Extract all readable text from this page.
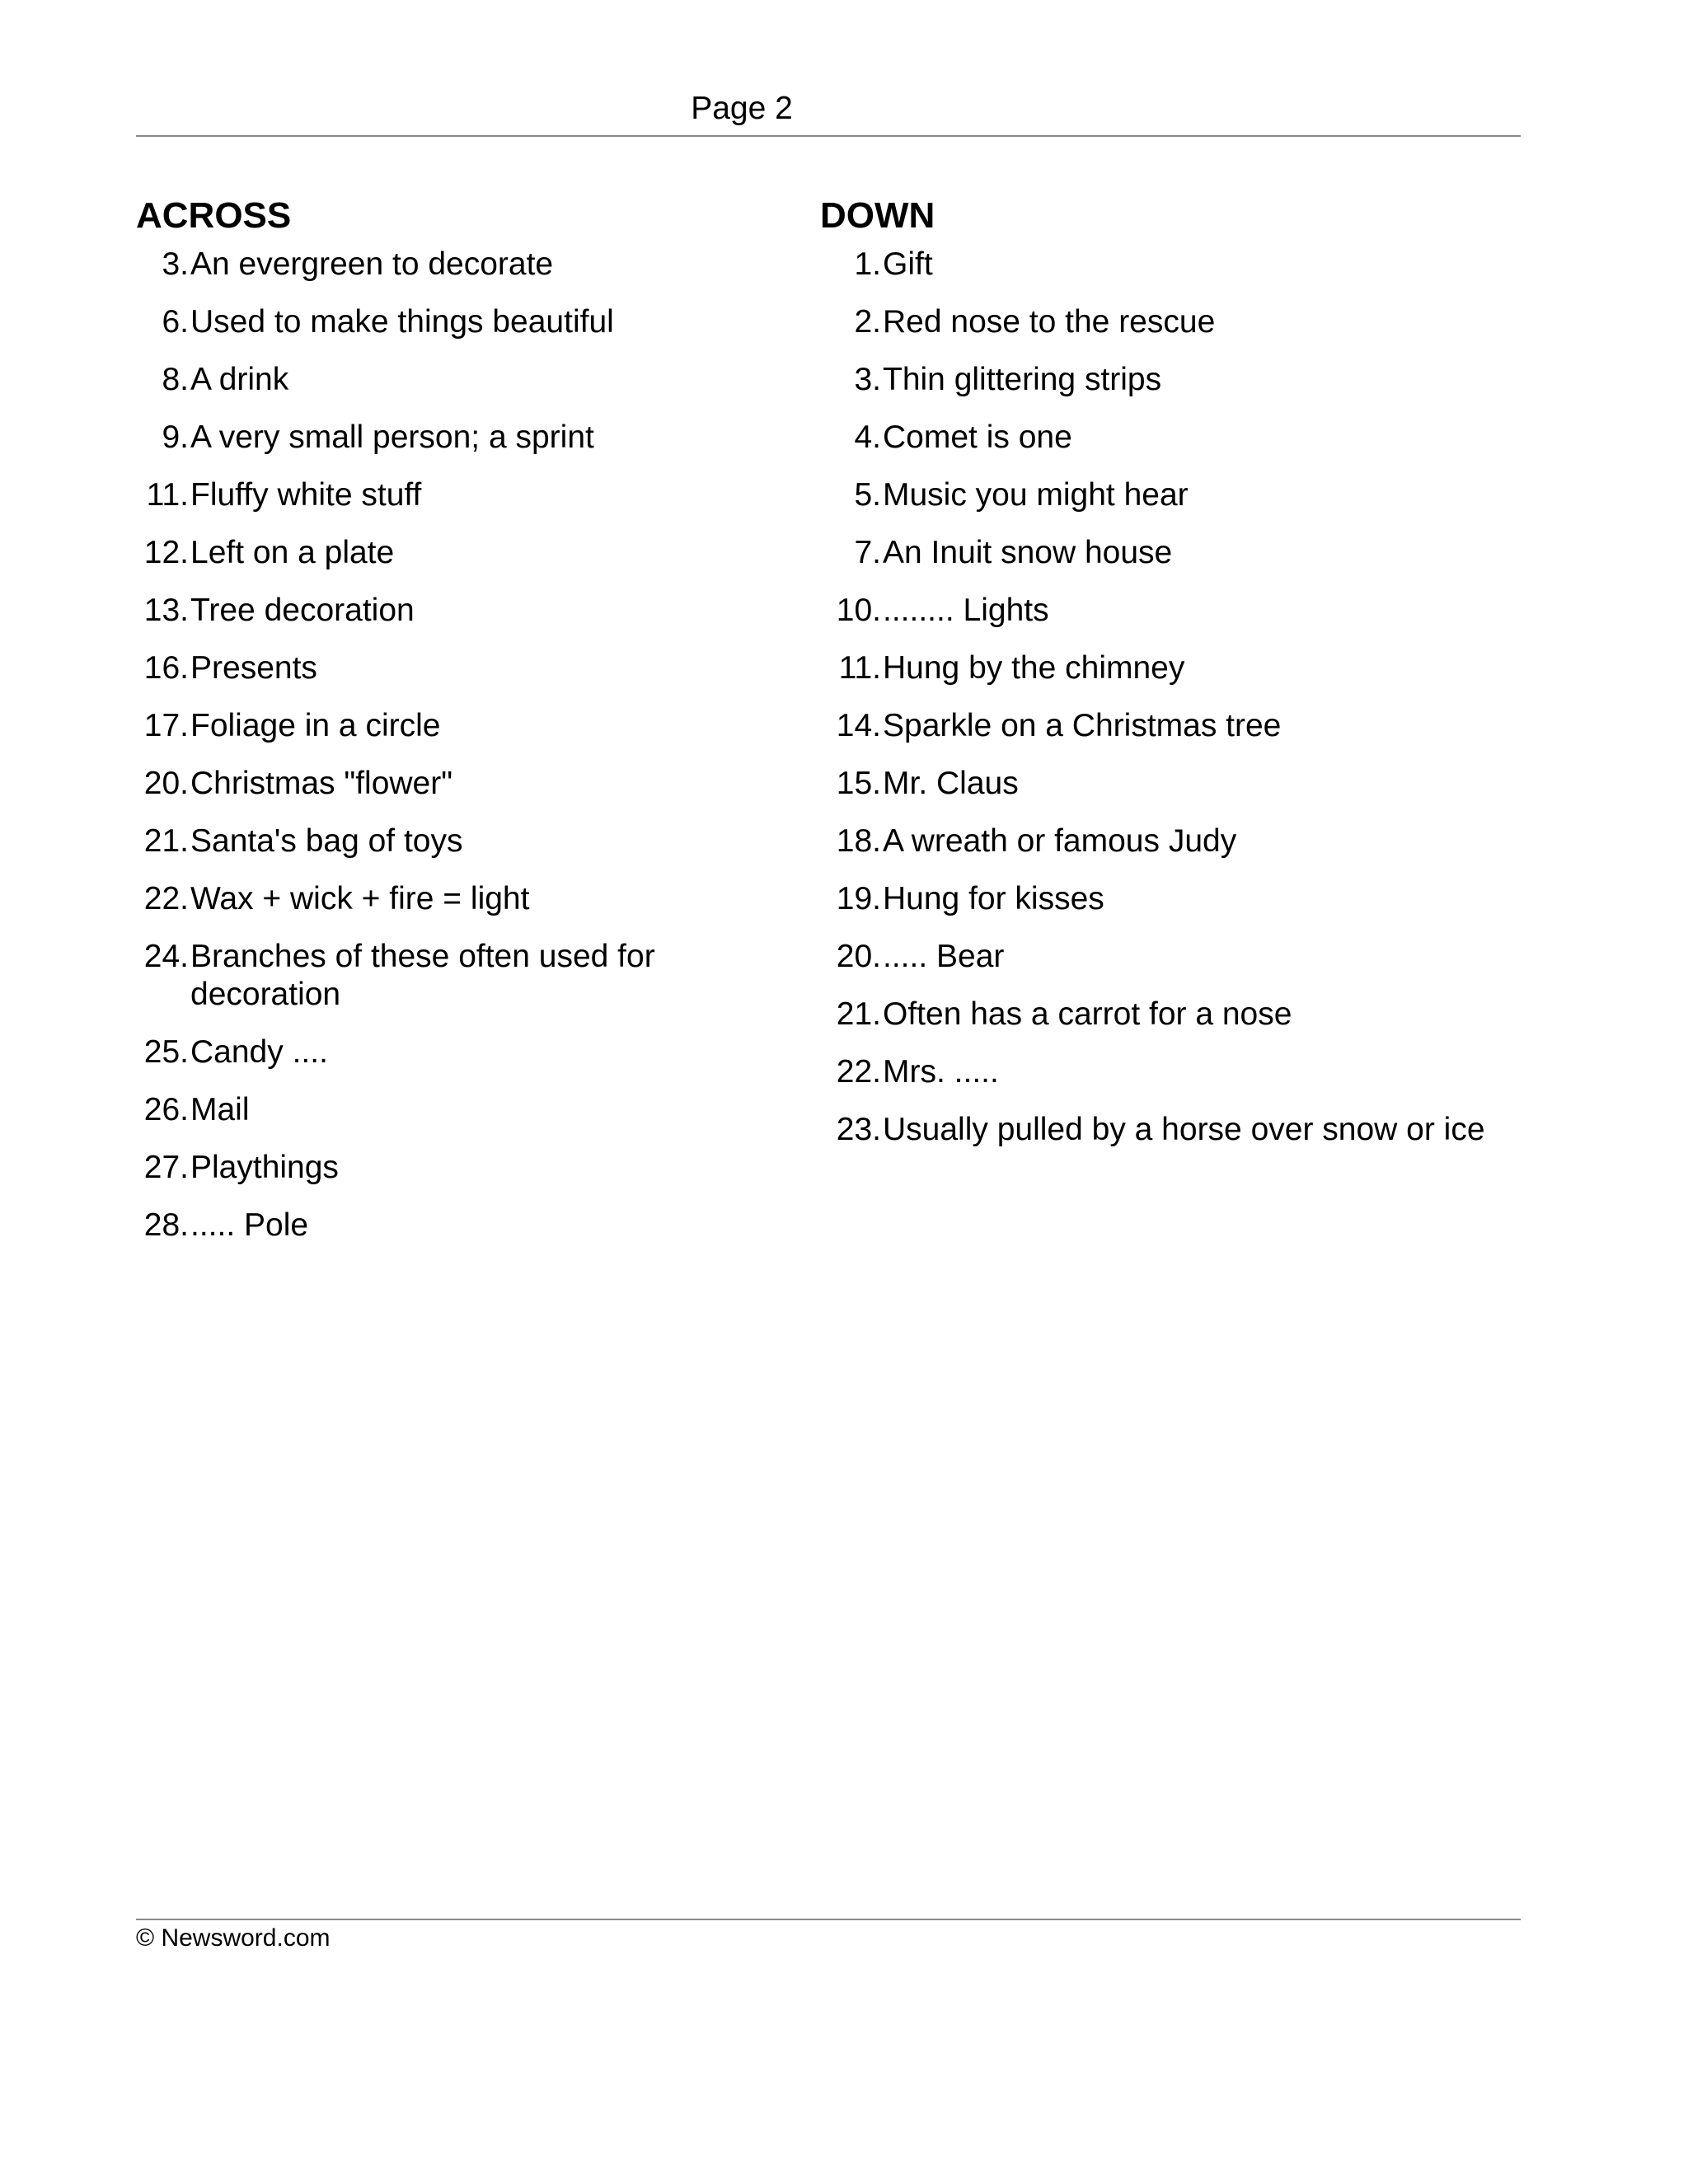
Page 2
ACROSS
3. An evergreen to decorate
6. Used to make things beautiful
8. A drink
9. A very small person; a sprint
11. Fluffy white stuff
12. Left on a plate
13. Tree decoration
16. Presents
17. Foliage in a circle
20. Christmas "flower"
21. Santa's bag of toys
22. Wax + wick + fire = light
24. Branches of these often used for decoration
25. Candy ....
26. Mail
27. Playthings
28. ..... Pole
DOWN
1. Gift
2. Red nose to the rescue
3. Thin glittering strips
4. Comet is one
5. Music you might hear
7. An Inuit snow house
10. ........ Lights
11. Hung by the chimney
14. Sparkle on a Christmas tree
15. Mr. Claus
18. A wreath or famous Judy
19. Hung for kisses
20. ..... Bear
21. Often has a carrot for a nose
22. Mrs. .....
23. Usually pulled by a horse over snow or ice
© Newsword.com
